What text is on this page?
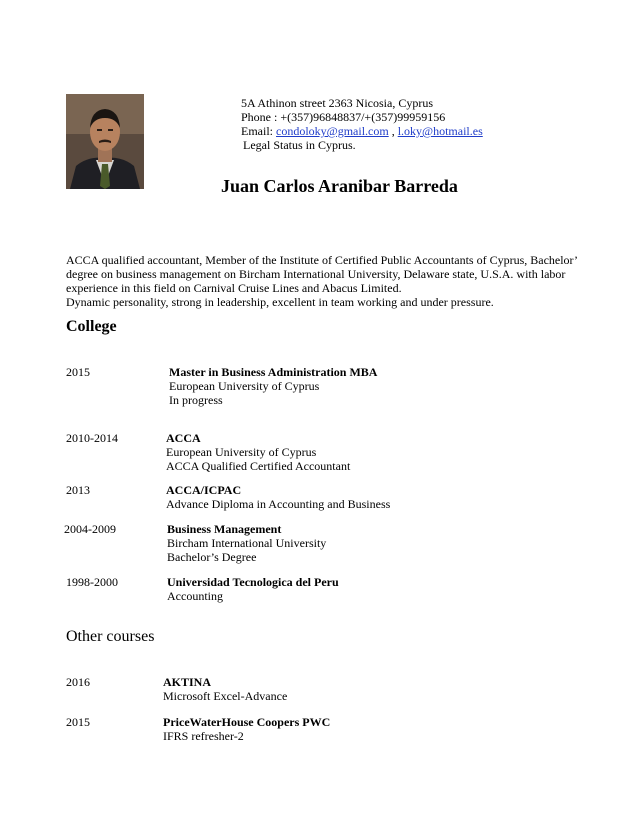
5A Athinon street 2363 Nicosia, Cyprus
Phone : +(357)96848837/+(357)99959156
Email: condoloky@gmail.com , l.oky@hotmail.es
Legal Status in Cyprus.
Juan Carlos Aranibar Barreda

ACCA qualified accountant, Member of the Institute of Certified Public Accountants of Cyprus, Bachelor’ degree on business management on Bircham International University, Delaware state, U.S.A. with labor experience in this field on Carnival Cruise Lines and Abacus Limited.

Dynamic personality, strong in leadership, excellent in team working and under pressure.

College
2015	Master in Business Administration MBA
European University of Cyprus
In progress
2010-2014	ACCA
European University of Cyprus
ACCA Qualified Certified Accountant
2013	ACCA/ICPAC
Advance Diploma in Accounting and Business
2004-2009	Business Management
Bircham International University
Bachelor’s Degree
1998-2000	Universidad Tecnologica del Peru
Accounting
Other courses
2016	AKTINA
Microsoft Excel-Advance
2015	PriceWaterHouse Coopers PWC
IFRS refresher-2
